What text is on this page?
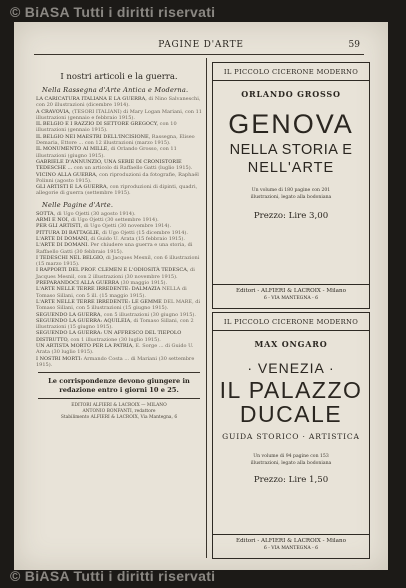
© BiASA Tutti i diritti riservati
PAGINE D'ARTE	59
I nostri articoli e la guerra.
Nella Rassegna d'Arte Antica e Moderna.
LA CARICATURA ITALIANA E LA GUERRA, di Nino Salvaneschi, con 20 illustrazioni (dicembre 1914).
A CRAVOVIA, (TESORI ITALIANI) di Mary Logan Mariani, con 11 illustrazioni (gennaio e febbraio 1915).
IL BELGIO E I RAZZIO DI SETTORE GREGOCY, con 10 illustrazioni (gennaio 1915).
IL BELGIO NEI MAESTRI DELL'INCISIONE, Rassegna, Eliseo Demaria, Ettore ... con 12 illustrazioni (marzo 1915).
IL MONUMENTO AI MILLE, di Orlando Grosso, con 11 illustrazioni (giugno 1915).
GABRIELE D'ANNUNZIO, UNA SERIE DI CRONISTORIE TEDESCHE ... con un articolo di Raffaello Gatti (luglio 1915).
VICINO ALLA GUERRA, con riproduzioni da fotografie, Raphaël Polinni (agosto 1915).
GLI ARTISTI E LA GUERRA, con riproduzioni di dipinti, quadri, allegorie di guerra (settembre 1915).
Nelle Pagine d'Arte.
SOTTA, di Ugo Ojetti (30 agosto 1914).
ARMI E NOI, di Ugo Ojetti (30 settembre 1914).
PER GLI ARTISTI, di Ugo Ojetti (30 novembre 1914).
PITTURA DI BATTAGLIE, di Ugo Ojetti (15 dicembre 1914).
L'ARTE DI DOMANI, di Guido U. Arata (15 febbraio 1915).
L'ARTE DI DOMANI. Per chiudere una guerra e una storia, di Raffaello Gatti (30 febbraio 1915).
I TEDESCHI NEL BELGIO, di Jacques Mesnil, con 6 illustrazioni (15 marzo 1915).
I RAPPORTI DEL PROF. CLEMEN E L'ODIOSITÀ TEDESCA, di Jacques Mesnil, con 2 illustrazioni (30 novembre 1915).
PREPARANDOCI ALLA GUERRA (30 maggio 1915).
L'ARTE NELLE TERRE IRREDENTE: DALMAZIA NELLA di Tomaso Sillani, con 5 ill. (15 maggio 1915).
L'ARTE NELLE TERRE IRREDENTE: LE GEMME DEL MARE, di Tomaso Sillani, con 5 illustrazioni (15 giugno 1915).
SEGUENDO LA GUERRA, con 5 illustrazioni (30 giugno 1915).
SEGUENDO LA GUERRA: AQUILEIA, di Tomaso Sillani, con 2 illustrazioni (15 giugno 1915).
SEGUENDO LA GUERRA: UN AFFRESCO DEL TIEPOLO DISTRUTTO, con 1 illustrazione (30 luglio 1915).
UN ARTISTA MORTO PER LA PATRIA, E. Sorge ... di Guido U. Arata (30 luglio 1915).
I NOSTRI MORTI: Armando Costa ... di Mariani (30 settembre 1915).
Le corrispondenze devono giungere in redazione entro i giorni 10 e 25.
EDITORI ALFIERI & LACROIX — MILANO
ANTONIO BONFANTI, redattore
Stabilimento ALFIERI & LACROIX, Via Mantegna, 6
IL PICCOLO CICERONE MODERNO
ORLANDO GROSSO
GENOVA
NELLA STORIA E
NELL'ARTE
Un volume di 180 pagine con 201
illustrazioni, legato alla bodoniana
Prezzo: Lire 3,00
Editori - ALFIERI & LACROIX - Milano
6 - VIA MANTEGNA - 6
IL PICCOLO CICERONE MODERNO
MAX ONGARO
· VENEZIA ·
IL PALAZZO
DUCALE
GUIDA STORICO · ARTISTICA
Un volume di 94 pagine con 153
illustrazioni, legato alla bodoniana
Prezzo: Lire 1,50
Editori - ALFIERI & LACROIX - Milano
6 - VIA MANTEGNA - 6
© BiASA Tutti i diritti riservati
